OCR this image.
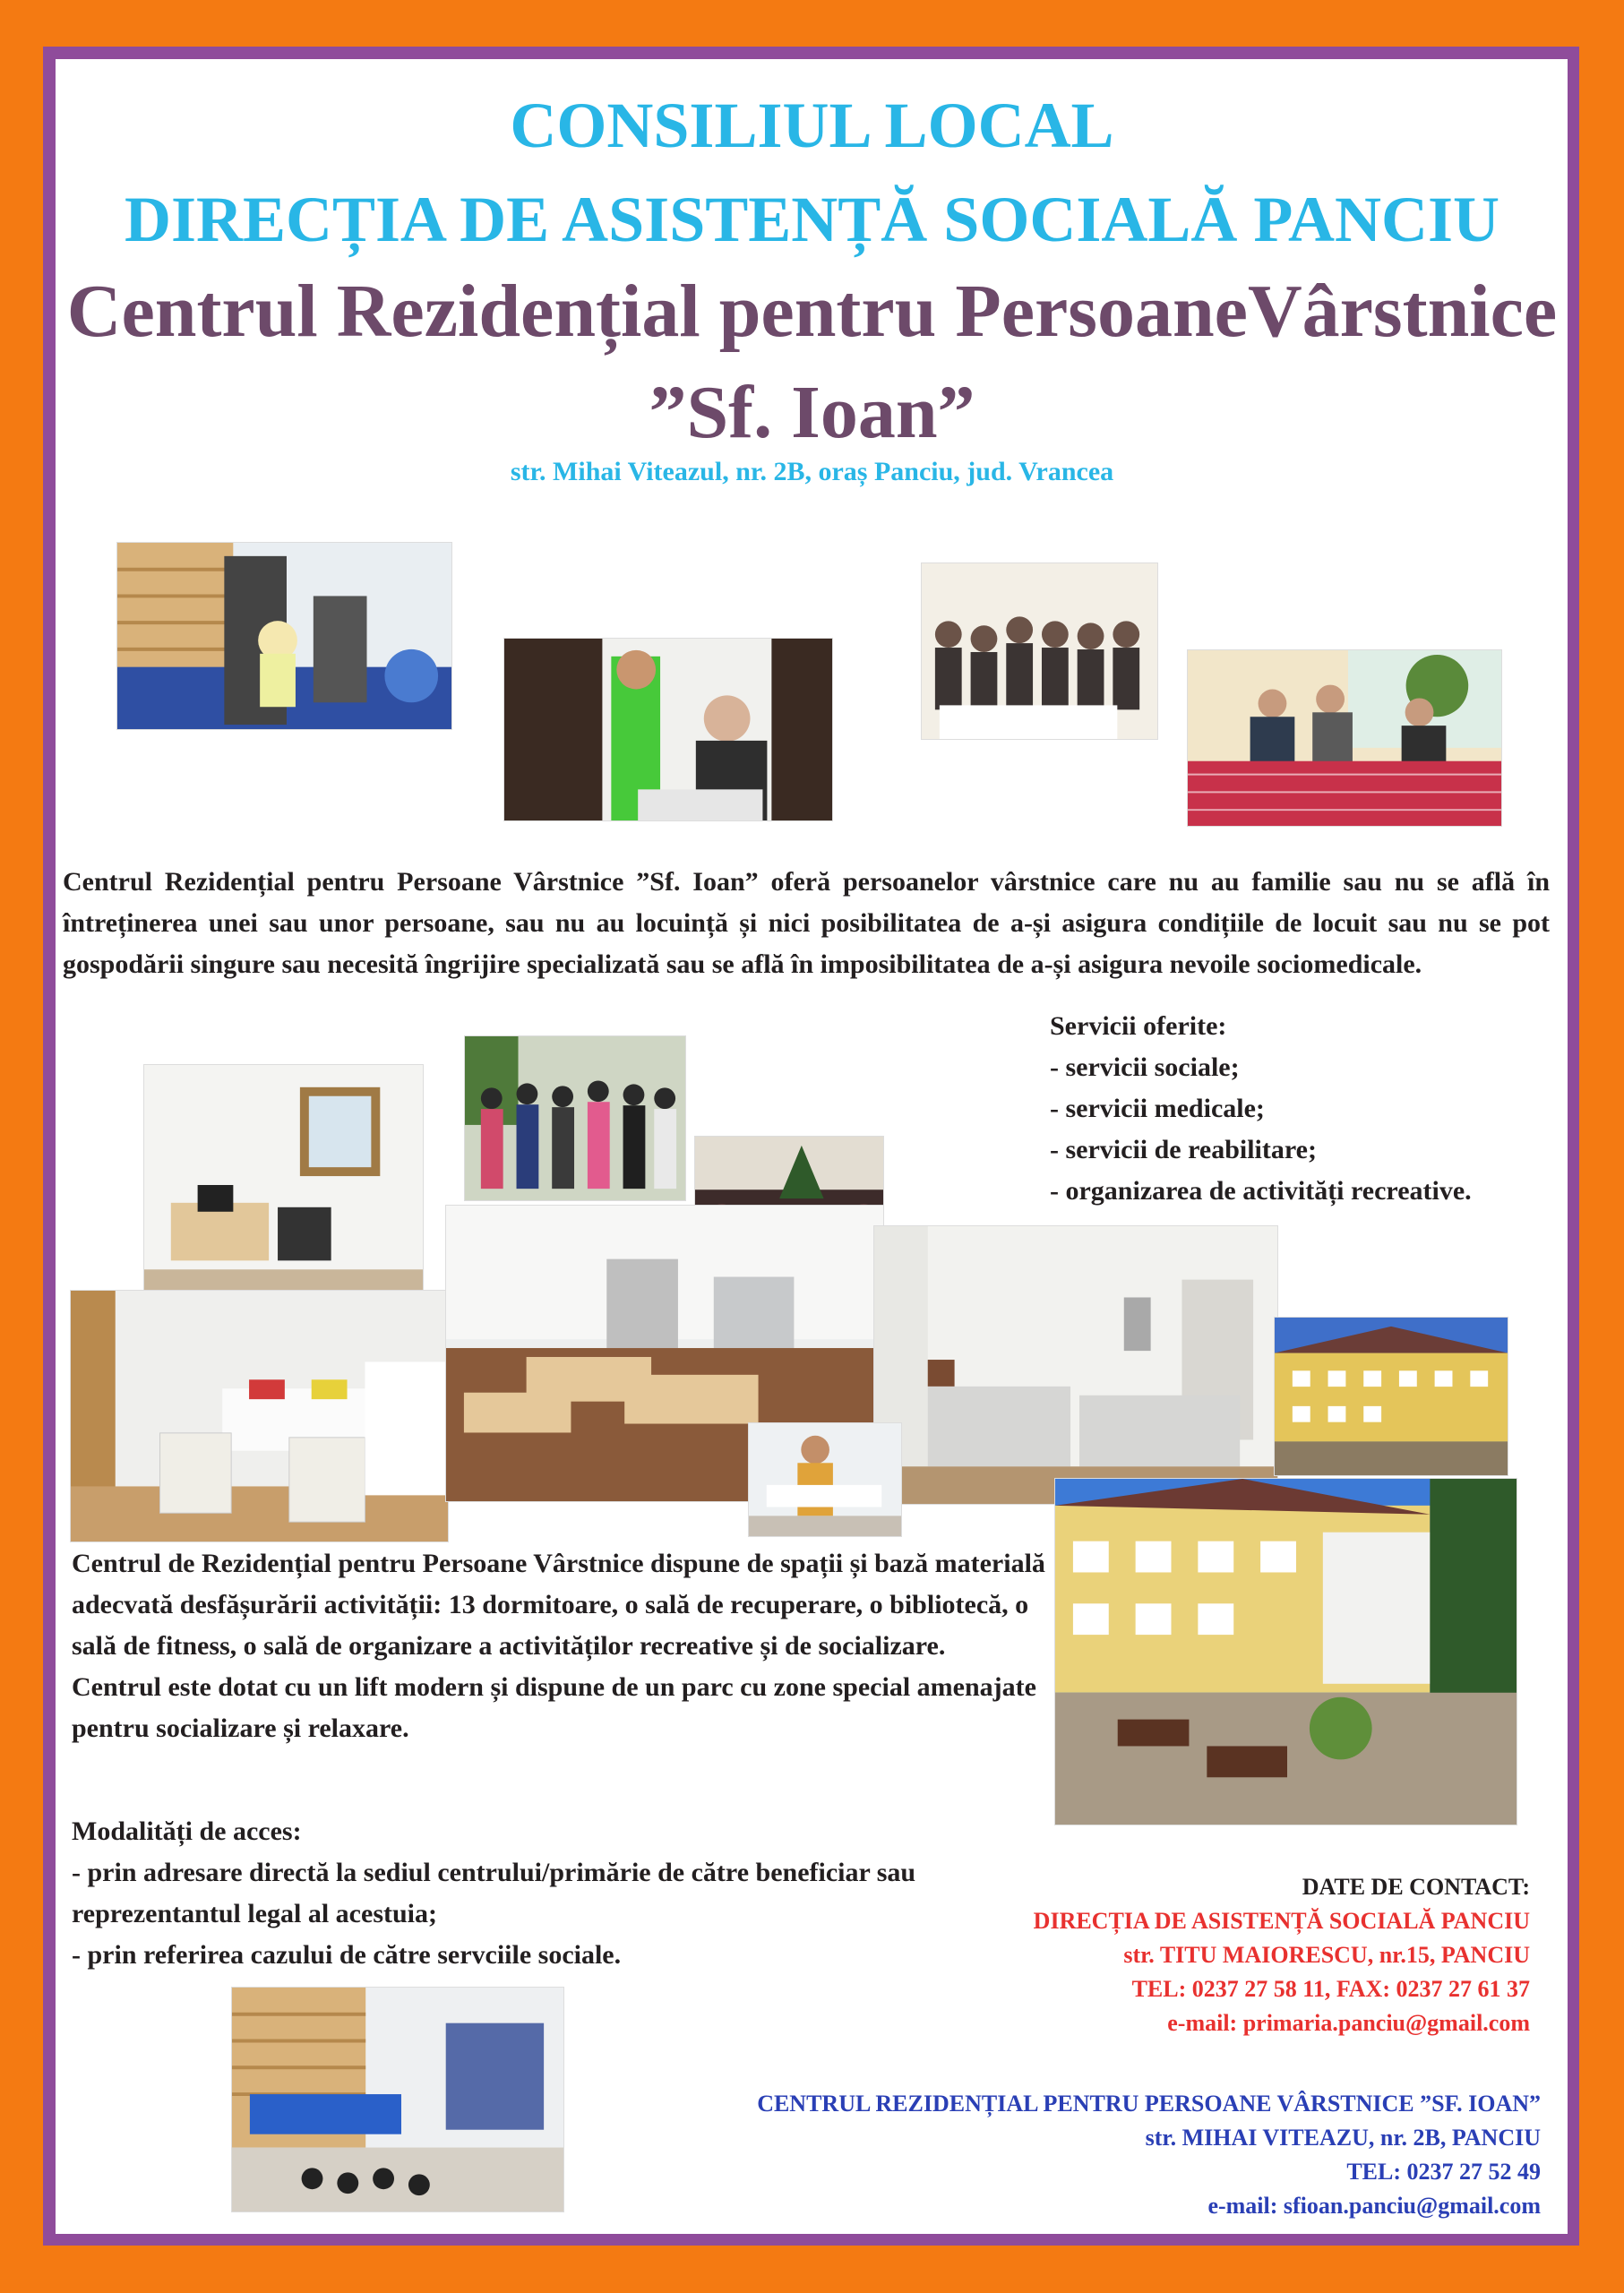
CONSILIUL LOCAL
DIRECȚIA DE ASISTENȚĂ SOCIALĂ PANCIU
Centrul Rezidențial pentru PersoaneVârstnice
”Sf. Ioan”
str. Mihai Viteazul, nr. 2B, oraș Panciu, jud. Vrancea
Centrul Rezidențial pentru Persoane Vârstnice ”Sf. Ioan” oferă persoanelor vârstnice care nu au familie sau nu se află în întreținerea unei sau unor persoane, sau nu au locuință și nici posibilitatea de a-și asigura condițiile de locuit sau nu se pot gospodării singure sau necesită îngrijire specializată sau se află în imposibilitatea de a-și asigura nevoile sociomedicale.
Servicii oferite:
- servicii sociale;
- servicii medicale;
- servicii de reabilitare;
- organizarea de activități recreative.
Centrul de Rezidențial pentru Persoane Vârstnice dispune de spații și bază materială adecvată desfășurării activității: 13 dormitoare, o sală de recuperare, o bibliotecă, o sală de fitness, o sală de organizare a activităților recreative și de socializare.
Centrul este dotat cu un lift modern și dispune de un parc cu zone special amenajate pentru socializare și relaxare.
Modalități de acces:
- prin adresare directă la sediul centrului/primărie de către beneficiar sau reprezentantul legal al acestuia;
- prin referirea cazului de către servciile sociale.
DATE DE CONTACT:
DIRECȚIA DE ASISTENȚĂ SOCIALĂ PANCIU
str. TITU MAIORESCU, nr.15, PANCIU
TEL: 0237 27 58 11, FAX: 0237 27 61 37
e-mail: primaria.panciu@gmail.com
CENTRUL REZIDENȚIAL PENTRU PERSOANE VÂRSTNICE ”SF. IOAN”
str. MIHAI VITEAZU, nr. 2B, PANCIU
TEL: 0237 27 52 49
e-mail: sfioan.panciu@gmail.com
